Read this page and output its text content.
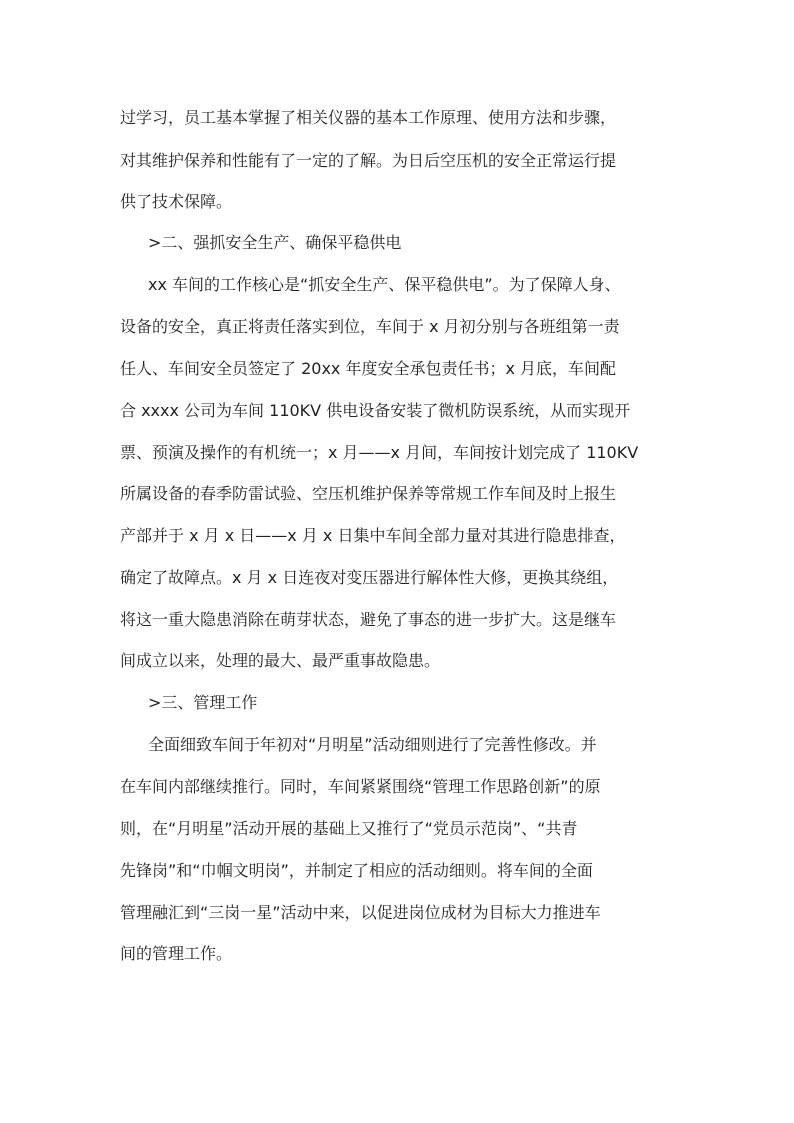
过学习，员工基本掌握了相关仪器的基本工作原理、使用方法和步骤，
对其维护保养和性能有了一定的了解。为日后空压机的安全正常运行提
供了技术保障。
>二、强抓安全生产、确保平稳供电
xx 车间的工作核心是“抓安全生产、保平稳供电”。为了保障人身、
设备的安全，真正将责任落实到位，车间于 x 月初分别与各班组第一责
任人、车间安全员签定了 20xx 年度安全承包责任书；x 月底，车间配
合 xxxx 公司为车间 110KV 供电设备安装了微机防误系统，从而实现开
票、预演及操作的有机统一；x 月——x 月间，车间按计划完成了 110KV
所属设备的春季防雷试验、空压机维护保养等常规工作车间及时上报生
产部并于 x 月 x 日——x 月 x 日集中车间全部力量对其进行隐患排查，
确定了故障点。x 月 x 日连夜对变压器进行解体性大修，更换其绕组，
将这一重大隐患消除在萌芽状态，避免了事态的进一步扩大。这是继车
间成立以来，处理的最大、最严重事故隐患。
>三、管理工作
全面细致车间于年初对“月明星”活动细则进行了完善性修改。并
在车间内部继续推行。同时，车间紧紧围绕“管理工作思路创新”的原
则，在“月明星”活动开展的基础上又推行了“党员示范岗”、“共青
先锋岗”和“巾帼文明岗”，并制定了相应的活动细则。将车间的全面
管理融汇到“三岗一星”活动中来，以促进岗位成材为目标大力推进车
间的管理工作。
